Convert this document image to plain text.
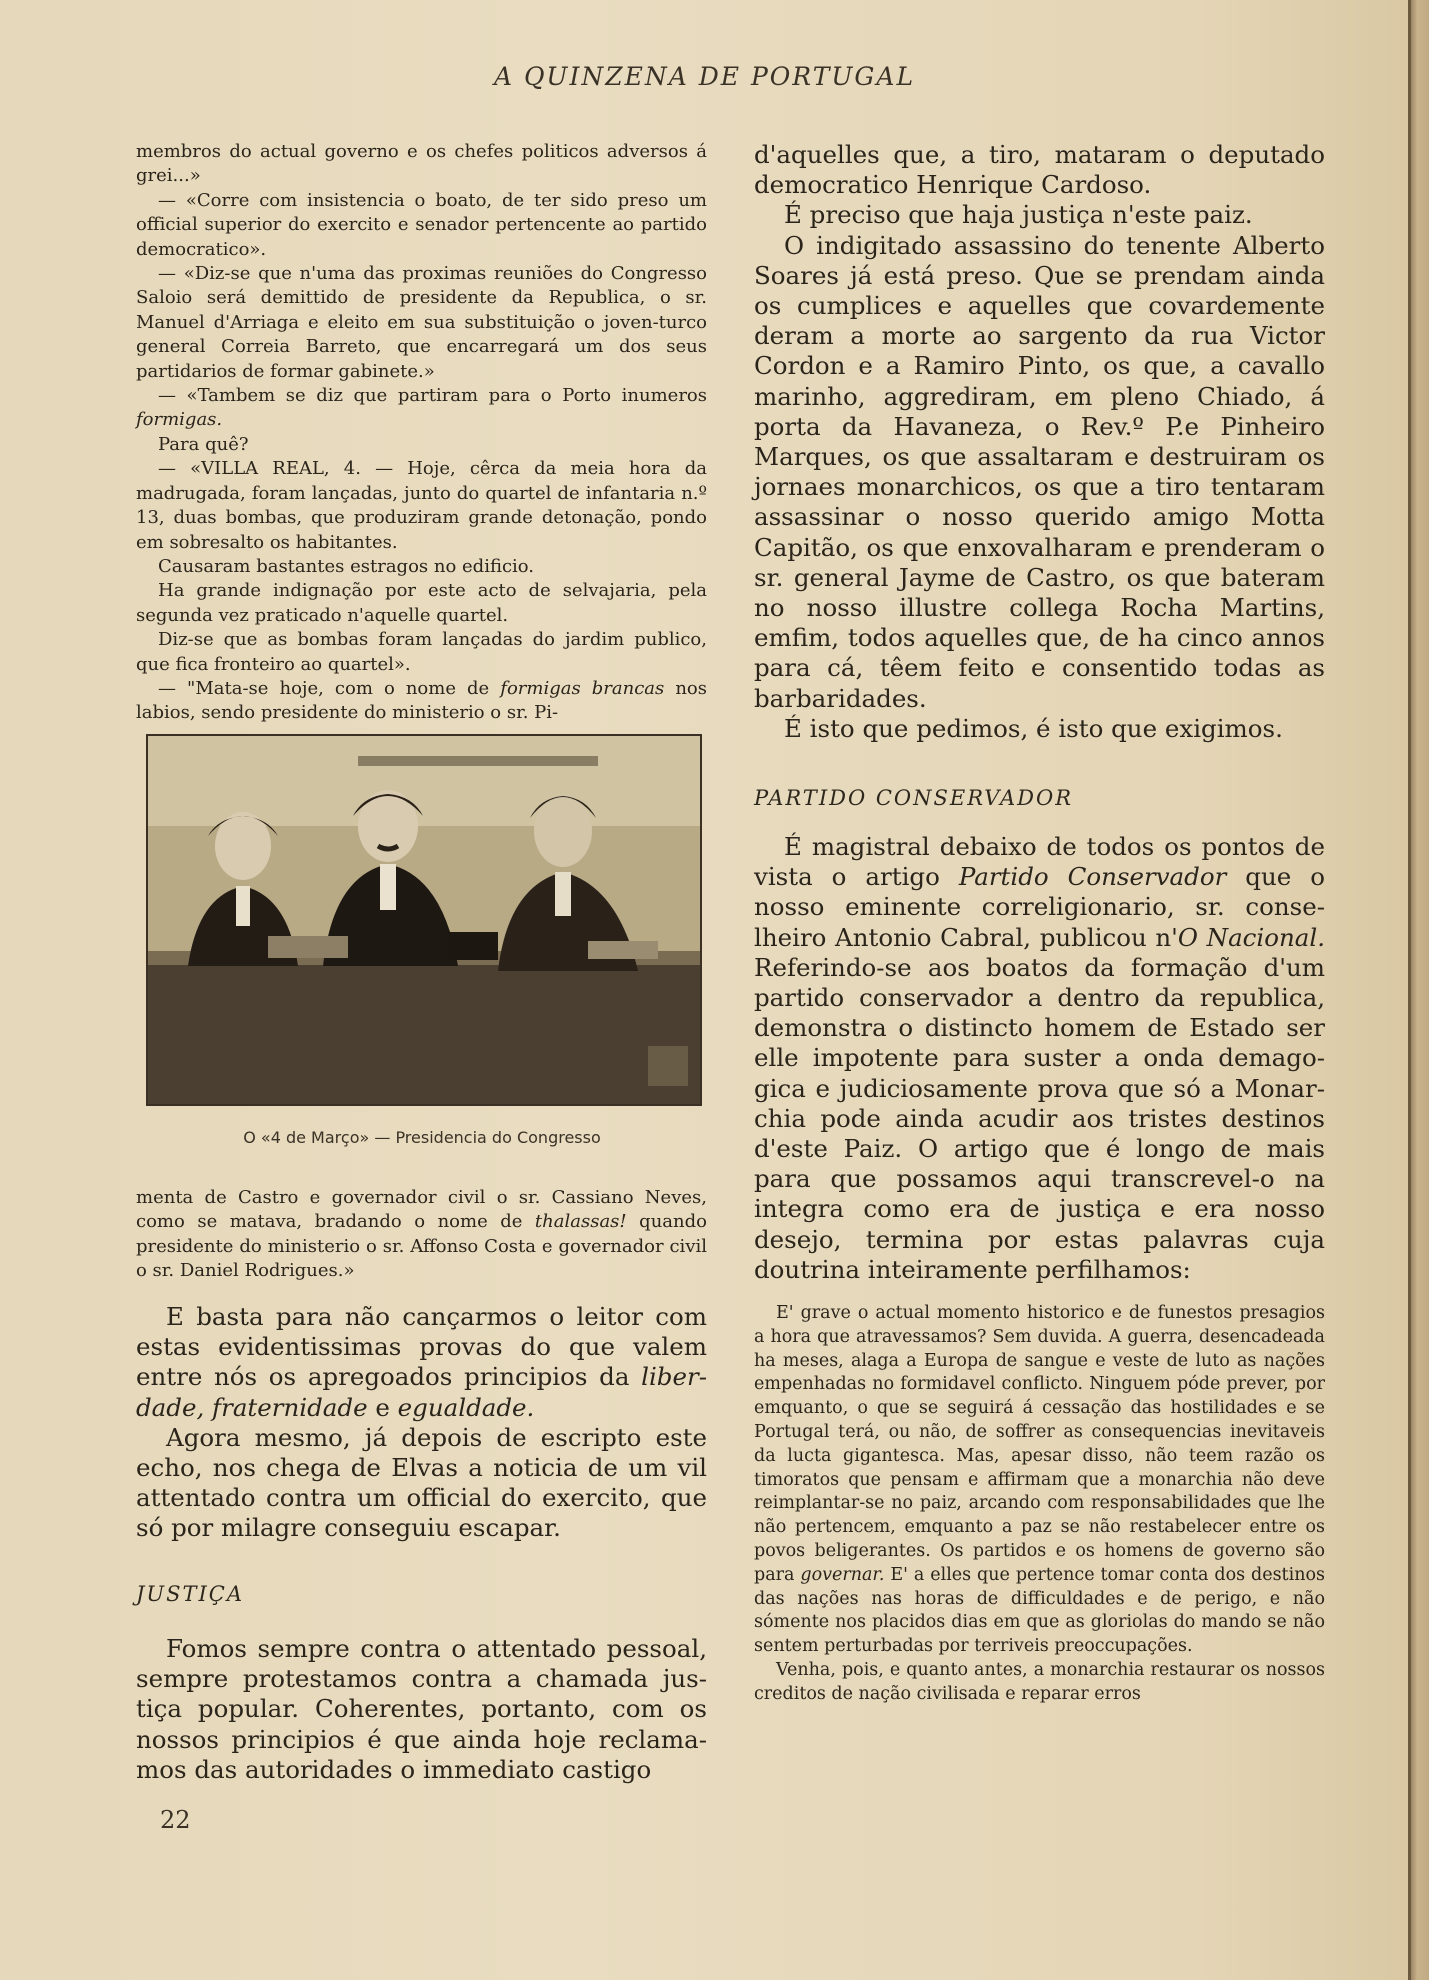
A QUINZENA DE PORTUGAL

membros do actual governo e os chefes politicos adversos á grei...»

— «Corre com insistencia o boato, de ter sido preso um official superior do exercito e senador pertencente ao partido democratico».

— «Diz-se que n'uma das proximas reuniões do Congresso Saloio será demittido de presidente da Republica, o sr. Manuel d'Arriaga e eleito em sua substituição o joven-turco general Correia Barreto, que encarregará um dos seus partidarios de formar gabinete.»

— «Tambem se diz que partiram para o Porto inumeros formigas.

Para quê?

— «VILLA REAL, 4. — Hoje, cêrca da meia hora da madrugada, foram lançadas, junto do quartel de infantaria n.º 13, duas bombas, que produziram grande detonação, pondo em sobresalto os habitantes.

Causaram bastantes estragos no edificio.

Ha grande indignação por este acto de selvajaria, pela segunda vez praticado n'aquelle quartel.

Diz-se que as bombas foram lançadas do jardim publico, que fica fronteiro ao quartel».

— "Mata-se hoje, com o nome de formigas brancas nos labios, sendo presidente do ministerio o sr. Pi-

O «4 de Março» — Presidencia do Congresso

menta de Castro e governador civil o sr. Cassiano Neves, como se matava, bradando o nome de thalassas! quando presidente do ministerio o sr. Affonso Costa e governador civil o sr. Daniel Rodrigues.»

E basta para não cançarmos o leitor com estas evidentissimas provas do que valem entre nós os apregoados principios da liberdade, fraternidade e egualdade.

Agora mesmo, já depois de escripto este echo, nos chega de Elvas a noticia de um vil attentado contra um official do exercito, que só por milagre conseguiu escapar.

JUSTIÇA

Fomos sempre contra o attentado pessoal, sempre protestamos contra a chamada justiça popular. Coherentes, portanto, com os nossos principios é que ainda hoje reclamamos das autoridades o immediato castigo

22

d'aquelles que, a tiro, mataram o deputado democratico Henrique Cardoso.

É preciso que haja justiça n'este paiz.

O indigitado assassino do tenente Alberto Soares já está preso. Que se prendam ainda os cumplices e aquelles que covardemente deram a morte ao sargento da rua Victor Cordon e a Ramiro Pinto, os que, a cavallo marinho, aggrediram, em pleno Chiado, á porta da Havaneza, o Rev.º P.e Pinheiro Marques, os que assaltaram e destruiram os jornaes monarchicos, os que a tiro tentaram assassinar o nosso querido amigo Motta Capitão, os que enxovalharam e prenderam o sr. general Jayme de Castro, os que bateram no nosso illustre collega Rocha Martins, emfim, todos aquelles que, de ha cinco annos para cá, têem feito e consentido todas as barbaridades.

É isto que pedimos, é isto que exigimos.

PARTIDO CONSERVADOR

É magistral debaixo de todos os pontos de vista o artigo Partido Conservador que o nosso eminente correligionario, sr. conselheiro Antonio Cabral, publicou n'O Nacional. Referindo-se aos boatos da formação d'um partido conservador a dentro da republica, demonstra o distincto homem de Estado ser elle impotente para suster a onda demagogica e judiciosamente prova que só a Monarchia pode ainda acudir aos tristes destinos d'este Paiz. O artigo que é longo de mais para que possamos aqui transcrevel-o na integra como era de justiça e era nosso desejo, termina por estas palavras cuja doutrina inteiramente perfilhamos:

E' grave o actual momento historico e de funestos presagios a hora que atravessamos? Sem duvida. A guerra, desencadeada ha meses, alaga a Europa de sangue e veste de luto as nações empenhadas no formidavel conflicto. Ninguem póde prever, por emquanto, o que se seguirá á cessação das hostilidades e se Portugal terá, ou não, de soffrer as consequencias inevitaveis da lucta gigantesca. Mas, apesar disso, não teem razão os timoratos que pensam e affirmam que a monarchia não deve reimplantar-se no paiz, arcando com responsabilidades que lhe não pertencem, emquanto a paz se não restabelecer entre os povos beligerantes. Os partidos e os homens de governo são para governar. E' a elles que pertence tomar conta dos destinos das nações nas horas de difficuldades e de perigo, e não sómente nos placidos dias em que as gloriolas do mando se não sentem perturbadas por terriveis preoccupações.

Venha, pois, e quanto antes, a monarchia restaurar os nossos creditos de nação civilisada e reparar erros
